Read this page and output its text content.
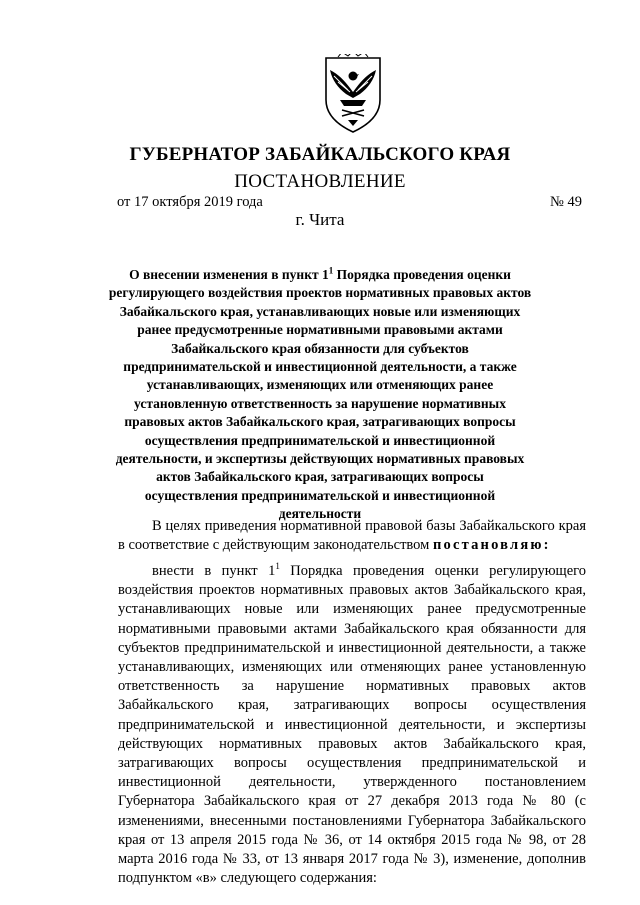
ГУБЕРНАТОР ЗАБАЙКАЛЬСКОГО КРАЯ
ПОСТАНОВЛЕНИЕ
от 17 октября 2019 года	№ 49
г. Чита
О внесении изменения в пункт $1^1$ Порядка проведения оценки регулирующего воздействия проектов нормативных правовых актов Забайкальского края, устанавливающих новые или изменяющих ранее предусмотренные нормативными правовыми актами Забайкальского края обязанности для субъектов предпринимательской и инвестиционной деятельности, а также устанавливающих, изменяющих или отменяющих ранее установленную ответственность за нарушение нормативных правовых актов Забайкальского края, затрагивающих вопросы осуществления предпринимательской и инвестиционной деятельности, и экспертизы действующих нормативных правовых актов Забайкальского края, затрагивающих вопросы осуществления предпринимательской и инвестиционной деятельности

В целях приведения нормативной правовой базы Забайкальского края в соответствие с действующим законодательством постановляю:

внести в пункт $1^1$ Порядка проведения оценки регулирующего воздействия проектов нормативных правовых актов Забайкальского края, устанавливающих новые или изменяющих ранее предусмотренные нормативными правовыми актами Забайкальского края обязанности для субъектов предпринимательской и инвестиционной деятельности, а также устанавливающих, изменяющих или отменяющих ранее установленную ответственность за нарушение нормативных правовых актов Забайкальского края, затрагивающих вопросы осуществления предпринимательской и инвестиционной деятельности, и экспертизы действующих нормативных правовых актов Забайкальского края, затрагивающих вопросы осуществления предпринимательской и инвестиционной деятельности, утвержденного постановлением Губернатора Забайкальского края от 27 декабря 2013 года № 80 (с изменениями, внесенными постановлениями Губернатора Забайкальского края от 13 апреля 2015 года № 36, от 14 октября 2015 года № 98, от 28 марта 2016 года № 33, от 13 января 2017 года № 3), изменение, дополнив подпунктом «в» следующего содержания:
